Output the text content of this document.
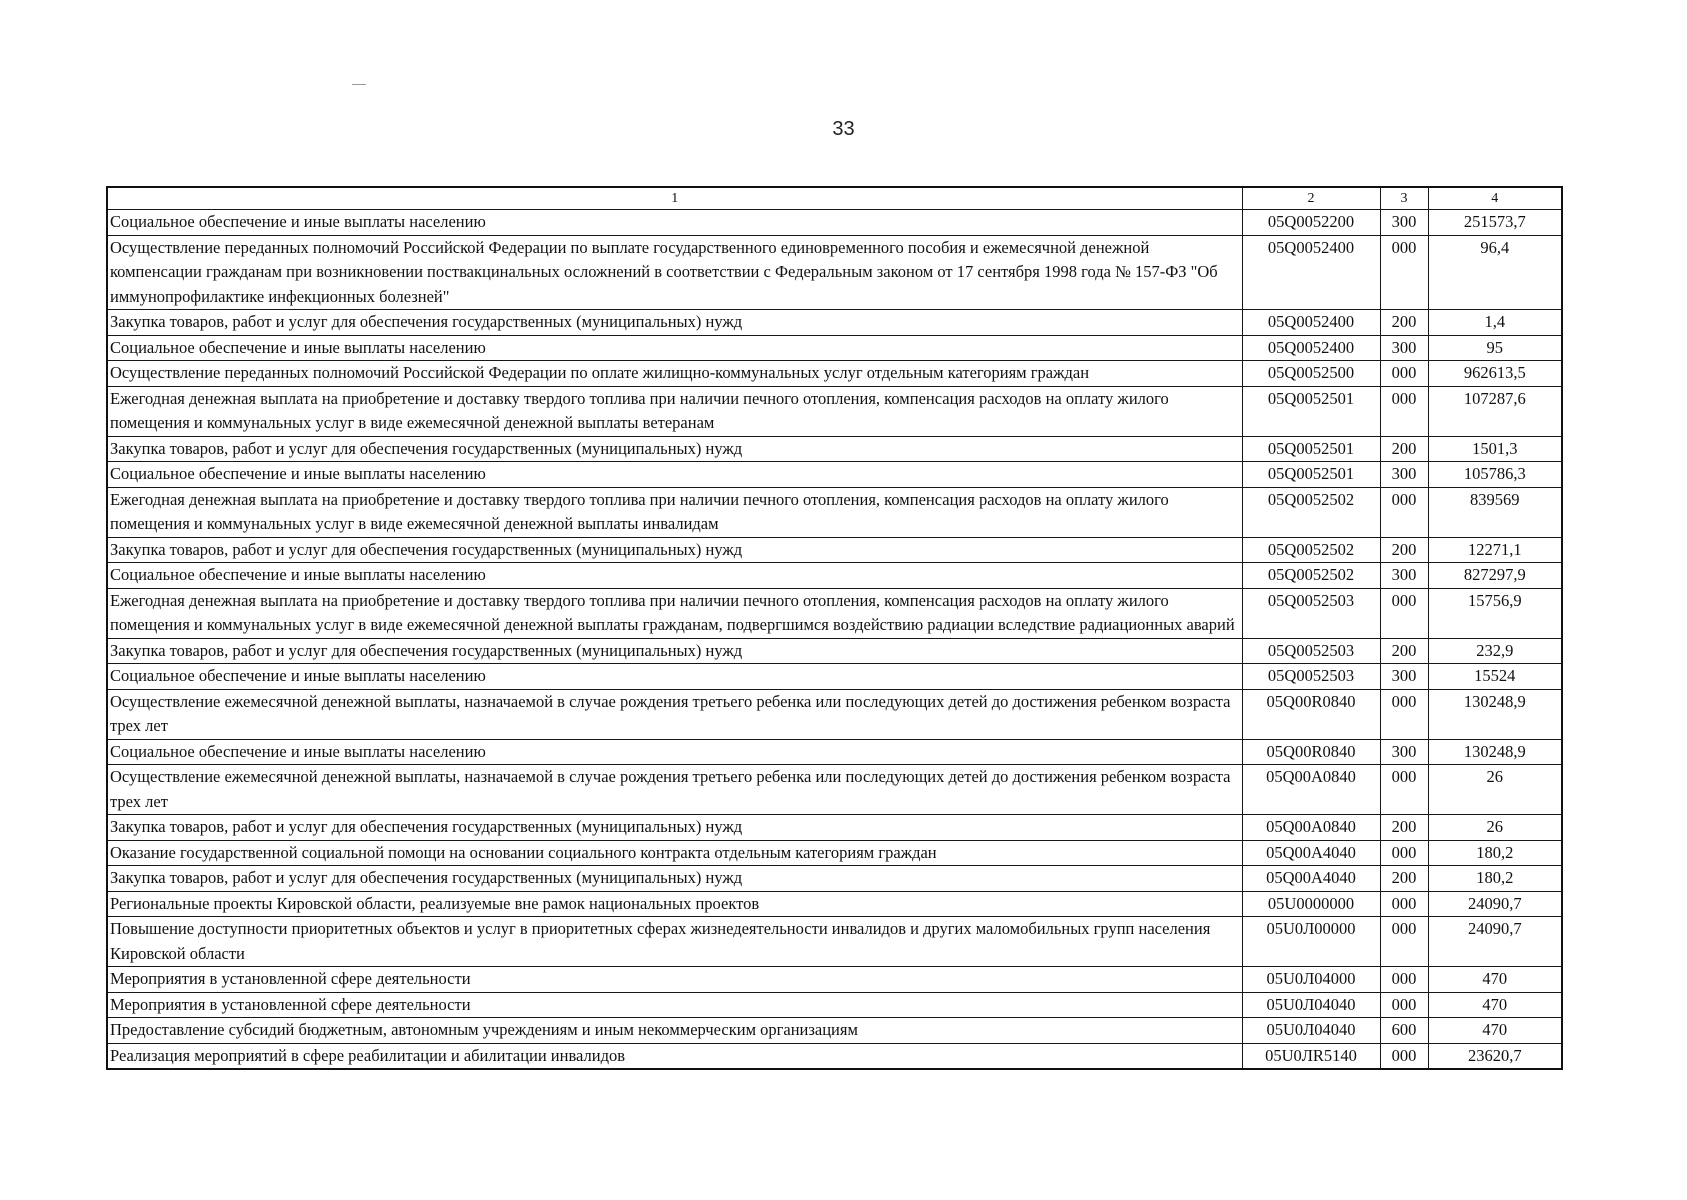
33
1	2	3	4
Социальное обеспечение и иные выплаты населению	05Q0052200	300	251573,7
Осуществление переданных полномочий Российской Федерации по выплате государственного единовременного пособия и ежемесячной денежной компенсации гражданам при возникновении поствакцинальных осложнений в соответствии с Федеральным законом от 17 сентября 1998 года № 157-ФЗ "Об иммунопрофилактике инфекционных болезней"	05Q0052400	000	96,4
Закупка товаров, работ и услуг для обеспечения государственных (муниципальных) нужд	05Q0052400	200	1,4
Социальное обеспечение и иные выплаты населению	05Q0052400	300	95
Осуществление переданных полномочий Российской Федерации по оплате жилищно-коммунальных услуг отдельным категориям граждан	05Q0052500	000	962613,5
Ежегодная денежная выплата на приобретение и доставку твердого топлива при наличии печного отопления, компенсация расходов на оплату жилого помещения и коммунальных услуг в виде ежемесячной денежной выплаты ветеранам	05Q0052501	000	107287,6
Закупка товаров, работ и услуг для обеспечения государственных (муниципальных) нужд	05Q0052501	200	1501,3
Социальное обеспечение и иные выплаты населению	05Q0052501	300	105786,3
Ежегодная денежная выплата на приобретение и доставку твердого топлива при наличии печного отопления, компенсация расходов на оплату жилого помещения и коммунальных услуг в виде ежемесячной денежной выплаты инвалидам	05Q0052502	000	839569
Закупка товаров, работ и услуг для обеспечения государственных (муниципальных) нужд	05Q0052502	200	12271,1
Социальное обеспечение и иные выплаты населению	05Q0052502	300	827297,9
Ежегодная денежная выплата на приобретение и доставку твердого топлива при наличии печного отопления, компенсация расходов на оплату жилого помещения и коммунальных услуг в виде ежемесячной денежной выплаты гражданам, подвергшимся воздействию радиации вследствие радиационных аварий	05Q0052503	000	15756,9
Закупка товаров, работ и услуг для обеспечения государственных (муниципальных) нужд	05Q0052503	200	232,9
Социальное обеспечение и иные выплаты населению	05Q0052503	300	15524
Осуществление ежемесячной денежной выплаты, назначаемой в случае рождения третьего ребенка или последующих детей до достижения ребенком возраста трех лет	05Q00R0840	000	130248,9
Социальное обеспечение и иные выплаты населению	05Q00R0840	300	130248,9
Осуществление ежемесячной денежной выплаты, назначаемой в случае рождения третьего ребенка или последующих детей до достижения ребенком возраста трех лет	05Q00A0840	000	26
Закупка товаров, работ и услуг для обеспечения государственных (муниципальных) нужд	05Q00A0840	200	26
Оказание государственной социальной помощи на основании социального контракта отдельным категориям граждан	05Q00A4040	000	180,2
Закупка товаров, работ и услуг для обеспечения государственных (муниципальных) нужд	05Q00A4040	200	180,2
Региональные проекты Кировской области, реализуемые вне рамок национальных проектов	05U0000000	000	24090,7
Повышение доступности приоритетных объектов и услуг в приоритетных сферах жизнедеятельности инвалидов и других маломобильных групп населения Кировской области	05U0Л00000	000	24090,7
Мероприятия в установленной сфере деятельности	05U0Л04000	000	470
Мероприятия в установленной сфере деятельности	05U0Л04040	000	470
Предоставление субсидий бюджетным, автономным учреждениям и иным некоммерческим организациям	05U0Л04040	600	470
Реализация мероприятий в сфере реабилитации и абилитации инвалидов	05U0ЛR5140	000	23620,7
